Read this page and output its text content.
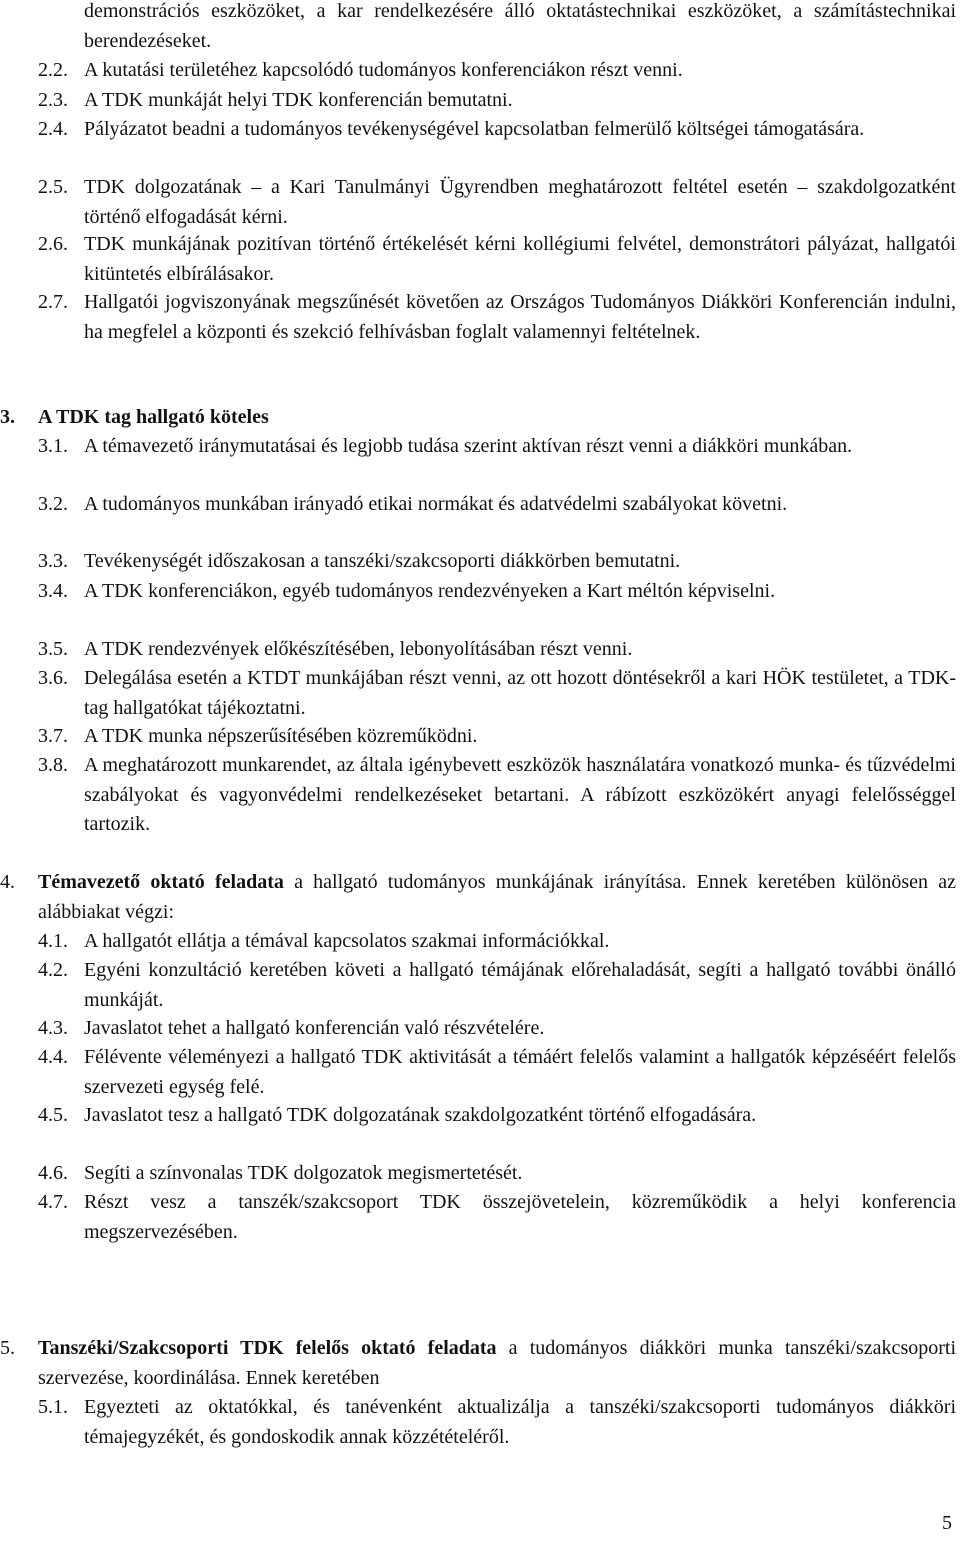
demonstrációs eszközöket, a kar rendelkezésére álló oktatástechnikai eszközöket, a számítástechnikai berendezéseket.
2.2. A kutatási területéhez kapcsolódó tudományos konferenciákon részt venni.
2.3. A TDK munkáját helyi TDK konferencián bemutatni.
2.4. Pályázatot beadni a tudományos tevékenységével kapcsolatban felmerülő költségei támogatására.
2.5. TDK dolgozatának – a Kari Tanulmányi Ügyrendben meghatározott feltétel esetén – szakdolgozatként történő elfogadását kérni.
2.6. TDK munkájának pozitívan történő értékelését kérni kollégiumi felvétel, demonstrátori pályázat, hallgatói kitüntetés elbírálásakor.
2.7. Hallgatói jogviszonyának megszűnését követően az Országos Tudományos Diákköri Konferencián indulni, ha megfelel a központi és szekció felhívásban foglalt valamennyi feltételnek.
3. A TDK tag hallgató köteles
3.1. A témavezető iránymutatásai és legjobb tudása szerint aktívan részt venni a diákköri munkában.
3.2. A tudományos munkában irányadó etikai normákat és adatvédelmi szabályokat követni.
3.3. Tevékenységét időszakosan a tanszéki/szakcsoporti diákkörben bemutatni.
3.4. A TDK konferenciákon, egyéb tudományos rendezvényeken a Kart méltón képviselni.
3.5. A TDK rendezvények előkészítésében, lebonyolításában részt venni.
3.6. Delegálása esetén a KTDT munkájában részt venni, az ott hozott döntésekről a kari HÖK testületet, a TDK-tag hallgatókat tájékoztatni.
3.7. A TDK munka népszerűsítésében közreműködni.
3.8. A meghatározott munkarendet, az általa igénybevett eszközök használatára vonatkozó munka- és tűzvédelmi szabályokat és vagyonvédelmi rendelkezéseket betartani. A rábízott eszközökért anyagi felelősséggel tartozik.
4.	Témavezető oktató feladata a hallgató tudományos munkájának irányítása. Ennek keretében különösen az alábbiakat végzi:
4.1. A hallgatót ellátja a témával kapcsolatos szakmai információkkal.
4.2. Egyéni konzultáció keretében követi a hallgató témájának előrehaladását, segíti a hallgató további önálló munkáját.
4.3. Javaslatot tehet a hallgató konferencián való részvételére.
4.4. Félévente véleményezi a hallgató TDK aktivitását a témáért felelős valamint a hallgatók képzéséért felelős szervezeti egység felé.
4.5. Javaslatot tesz a hallgató TDK dolgozatának szakdolgozatként történő elfogadására.
4.6. Segíti a színvonalas TDK dolgozatok megismertetését.
4.7. Részt vesz a tanszék/szakcsoport TDK összejövetelein, közreműködik a helyi konferencia megszervezésében.
5.	Tanszéki/Szakcsoporti TDK felelős oktató feladata a tudományos diákköri munka tanszéki/szakcsoporti szervezése, koordinálása. Ennek keretében
5.1. Egyezteti az oktatókkal, és tanévenként aktualizálja a tanszéki/szakcsoporti tudományos diákköri témajegyzékét, és gondoskodik annak közzétételéről.
5
